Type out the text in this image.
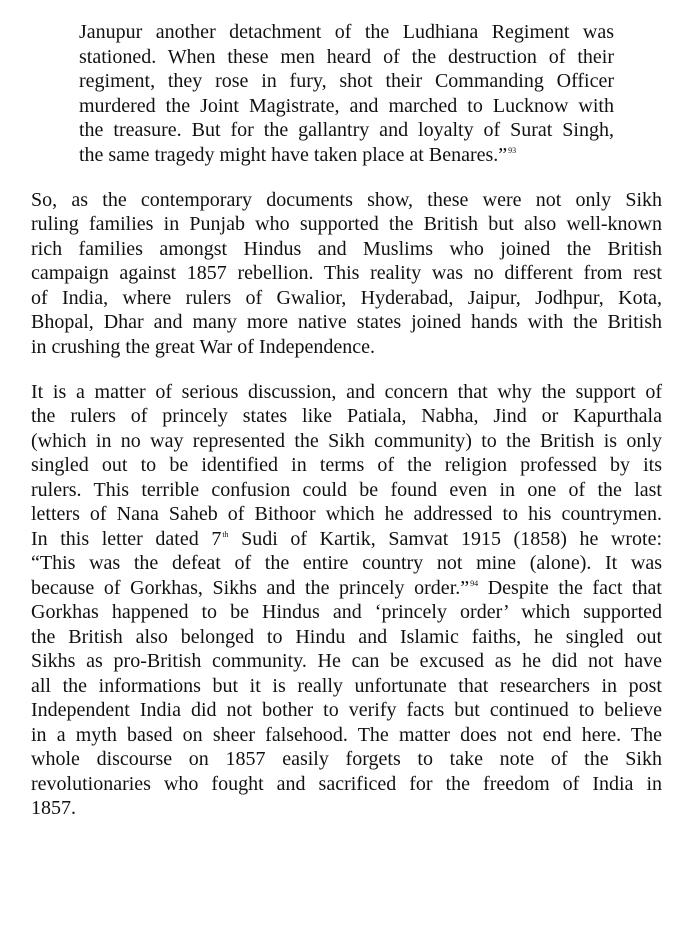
Janupur another detachment of the Ludhiana Regiment was

stationed. When these men heard of the destruction of their

regiment, they rose in fury, shot their Commanding Officer

murdered the Joint Magistrate, and marched to Lucknow with

the treasure. But for the gallantry and loyalty of Surat Singh,

the same tragedy might have taken place at Benares.”$^{93}$

So, as the contemporary documents show, these were not only Sikh

ruling families in Punjab who supported the British but also well-known

rich families amongst Hindus and Muslims who joined the British

campaign against 1857 rebellion. This reality was no different from rest

of India, where rulers of Gwalior, Hyderabad, Jaipur, Jodhpur, Kota,

Bhopal, Dhar and many more native states joined hands with the British

in crushing the great War of Independence.

It is a matter of serious discussion, and concern that why the support of

the rulers of princely states like Patiala, Nabha, Jind or Kapurthala

(which in no way represented the Sikh community) to the British is only

singled out to be identified in terms of the religion professed by its

rulers. This terrible confusion could be found even in one of the last

letters of Nana Saheb of Bithoor which he addressed to his countrymen.

In this letter dated 7th Sudi of Kartik, Samvat 1915 (1858) he wrote:

“This was the defeat of the entire country not mine (alone). It was

because of Gorkhas, Sikhs and the princely order.”$^{94}$ Despite the fact that

Gorkhas happened to be Hindus and ‘princely order’ which supported

the British also belonged to Hindu and Islamic faiths, he singled out

Sikhs as pro-British community. He can be excused as he did not have

all the informations but it is really unfortunate that researchers in post

Independent India did not bother to verify facts but continued to believe

in a myth based on sheer falsehood. The matter does not end here. The

whole discourse on 1857 easily forgets to take note of the Sikh

revolutionaries who fought and sacrificed for the freedom of India in

1857.
